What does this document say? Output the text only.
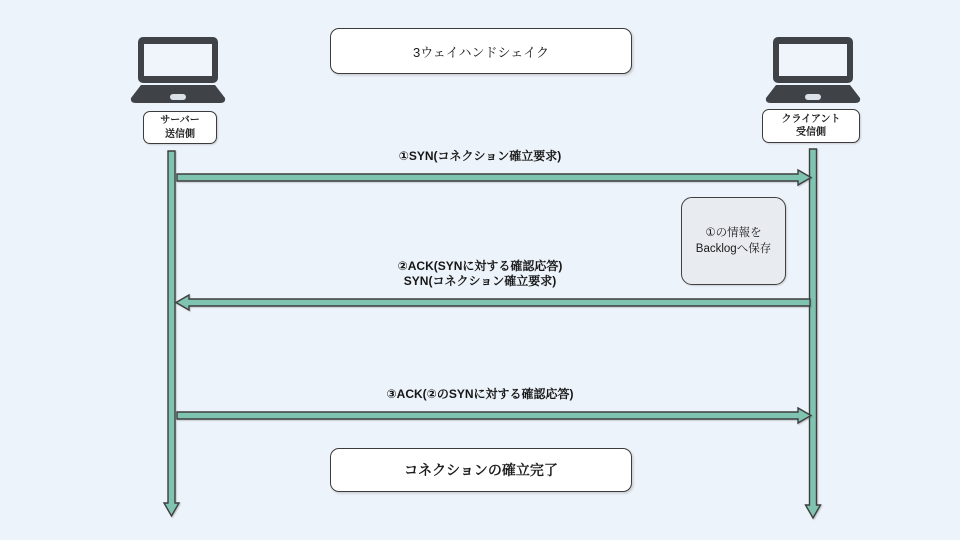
3ウェイハンドシェイク
サーバー
送信側
クライアント
受信側
①SYN(コネクション確立要求)
②ACK(SYNに対する確認応答)
SYN(コネクション確立要求)
③ACK(②のSYNに対する確認応答)
①の情報を
Backlogへ保存
コネクションの確立完了
